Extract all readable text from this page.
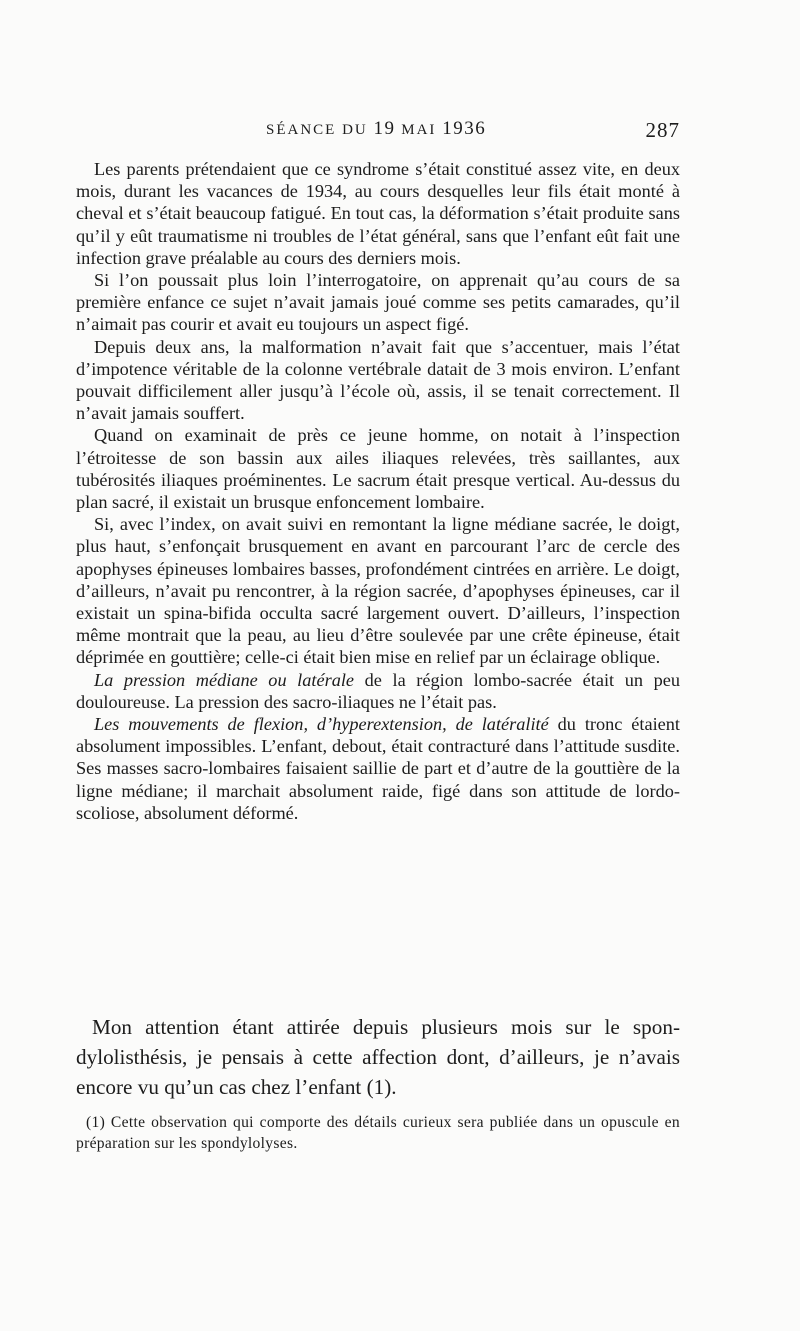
SÉANCE DU 19 MAI 1936	287

Les parents prétendaient que ce syndrome s’était constitué assez vite, en deux mois, durant les vacances de 1934, au cours desquelles leur fils était monté à cheval et s’était beaucoup fatigué. En tout cas, la déformation s’était produite sans qu’il y eût traumatisme ni troubles de l’état général, sans que l’enfant eût fait une infection grave préalable au cours des derniers mois.

Si l’on poussait plus loin l’interrogatoire, on apprenait qu’au cours de sa première enfance ce sujet n’avait jamais joué comme ses petits camarades, qu’il n’aimait pas courir et avait eu toujours un aspect figé.

Depuis deux ans, la malformation n’avait fait que s’accentuer, mais l’état d’impotence véritable de la colonne vertébrale datait de 3 mois environ. L’enfant pouvait difficilement aller jusqu’à l’école où, assis, il se tenait correctement. Il n’avait jamais souffert.

Quand on examinait de près ce jeune homme, on notait à l’inspection l’étroitesse de son bassin aux ailes iliaques relevées, très saillantes, aux tubérosités iliaques proéminentes. Le sacrum était presque vertical. Au-dessus du plan sacré, il existait un brusque enfoncement lombaire.

Si, avec l’index, on avait suivi en remontant la ligne médiane sacrée, le doigt, plus haut, s’enfonçait brusquement en avant en parcourant l’arc de cercle des apophyses épineuses lombaires basses, profondément cintrées en arrière. Le doigt, d’ailleurs, n’avait pu rencontrer, à la région sacrée, d’apophyses épineuses, car il existait un spina-bifida occulta sacré largement ouvert. D’ailleurs, l’inspection même montrait que la peau, au lieu d’être soulevée par une crête épineuse, était déprimée en gouttière; celle-ci était bien mise en relief par un éclairage oblique.

La pression médiane ou latérale de la région lombo-sacrée était un peu douloureuse. La pression des sacro-iliaques ne l’était pas.

Les mouvements de flexion, d’hyperextension, de latéralité du tronc étaient absolument impossibles. L’enfant, debout, était contracturé dans l’attitude susdite. Ses masses sacro-lombaires faisaient saillie de part et d’autre de la gouttière de la ligne médiane; il marchait absolument raide, figé dans son attitude de lordo-scoliose, absolument déformé.

Mon attention étant attirée depuis plusieurs mois sur le spondylolisthésis, je pensais à cette affection dont, d’ailleurs, je n’avais encore vu qu’un cas chez l’enfant (1).

(1) Cette observation qui comporte des détails curieux sera publiée dans un opuscule en préparation sur les spondylolyses.
